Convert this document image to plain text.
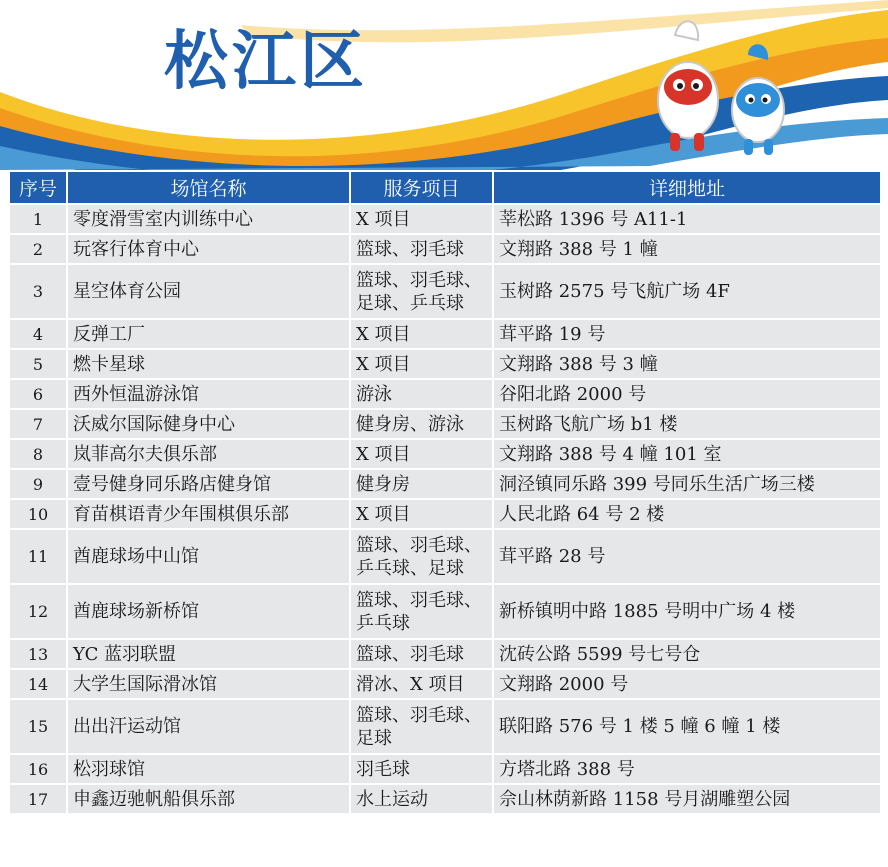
松江区
序号	场馆名称	服务项目	详细地址
1	零度滑雪室内训练中心	X 项目	莘松路 1396 号 A11-1
2	玩客行体育中心	篮球、羽毛球	文翔路 388 号 1 幢
3	星空体育公园	篮球、羽毛球、足球、乒乓球	玉树路 2575 号飞航广场 4F
4	反弹工厂	X 项目	茸平路 19 号
5	燃卡星球	X 项目	文翔路 388 号 3 幢
6	西外恒温游泳馆	游泳	谷阳北路 2000 号
7	沃威尔国际健身中心	健身房、游泳	玉树路飞航广场 b1 楼
8	岚菲高尔夫俱乐部	X 项目	文翔路 388 号 4 幢 101 室
9	壹号健身同乐路店健身馆	健身房	洞泾镇同乐路 399 号同乐生活广场三楼
10	育苗棋语青少年围棋俱乐部	X 项目	人民北路 64 号 2 楼
11	酋鹿球场中山馆	篮球、羽毛球、乒乓球、足球	茸平路 28 号
12	酋鹿球场新桥馆	篮球、羽毛球、乒乓球	新桥镇明中路 1885 号明中广场 4 楼
13	YC 蓝羽联盟	篮球、羽毛球	沈砖公路 5599 号七号仓
14	大学生国际滑冰馆	滑冰、X 项目	文翔路 2000 号
15	出出汗运动馆	篮球、羽毛球、足球	联阳路 576 号 1 楼 5 幢 6 幢 1 楼
16	松羽球馆	羽毛球	方塔北路 388 号
17	申鑫迈驰帆船俱乐部	水上运动	佘山林荫新路 1158 号月湖雕塑公园
